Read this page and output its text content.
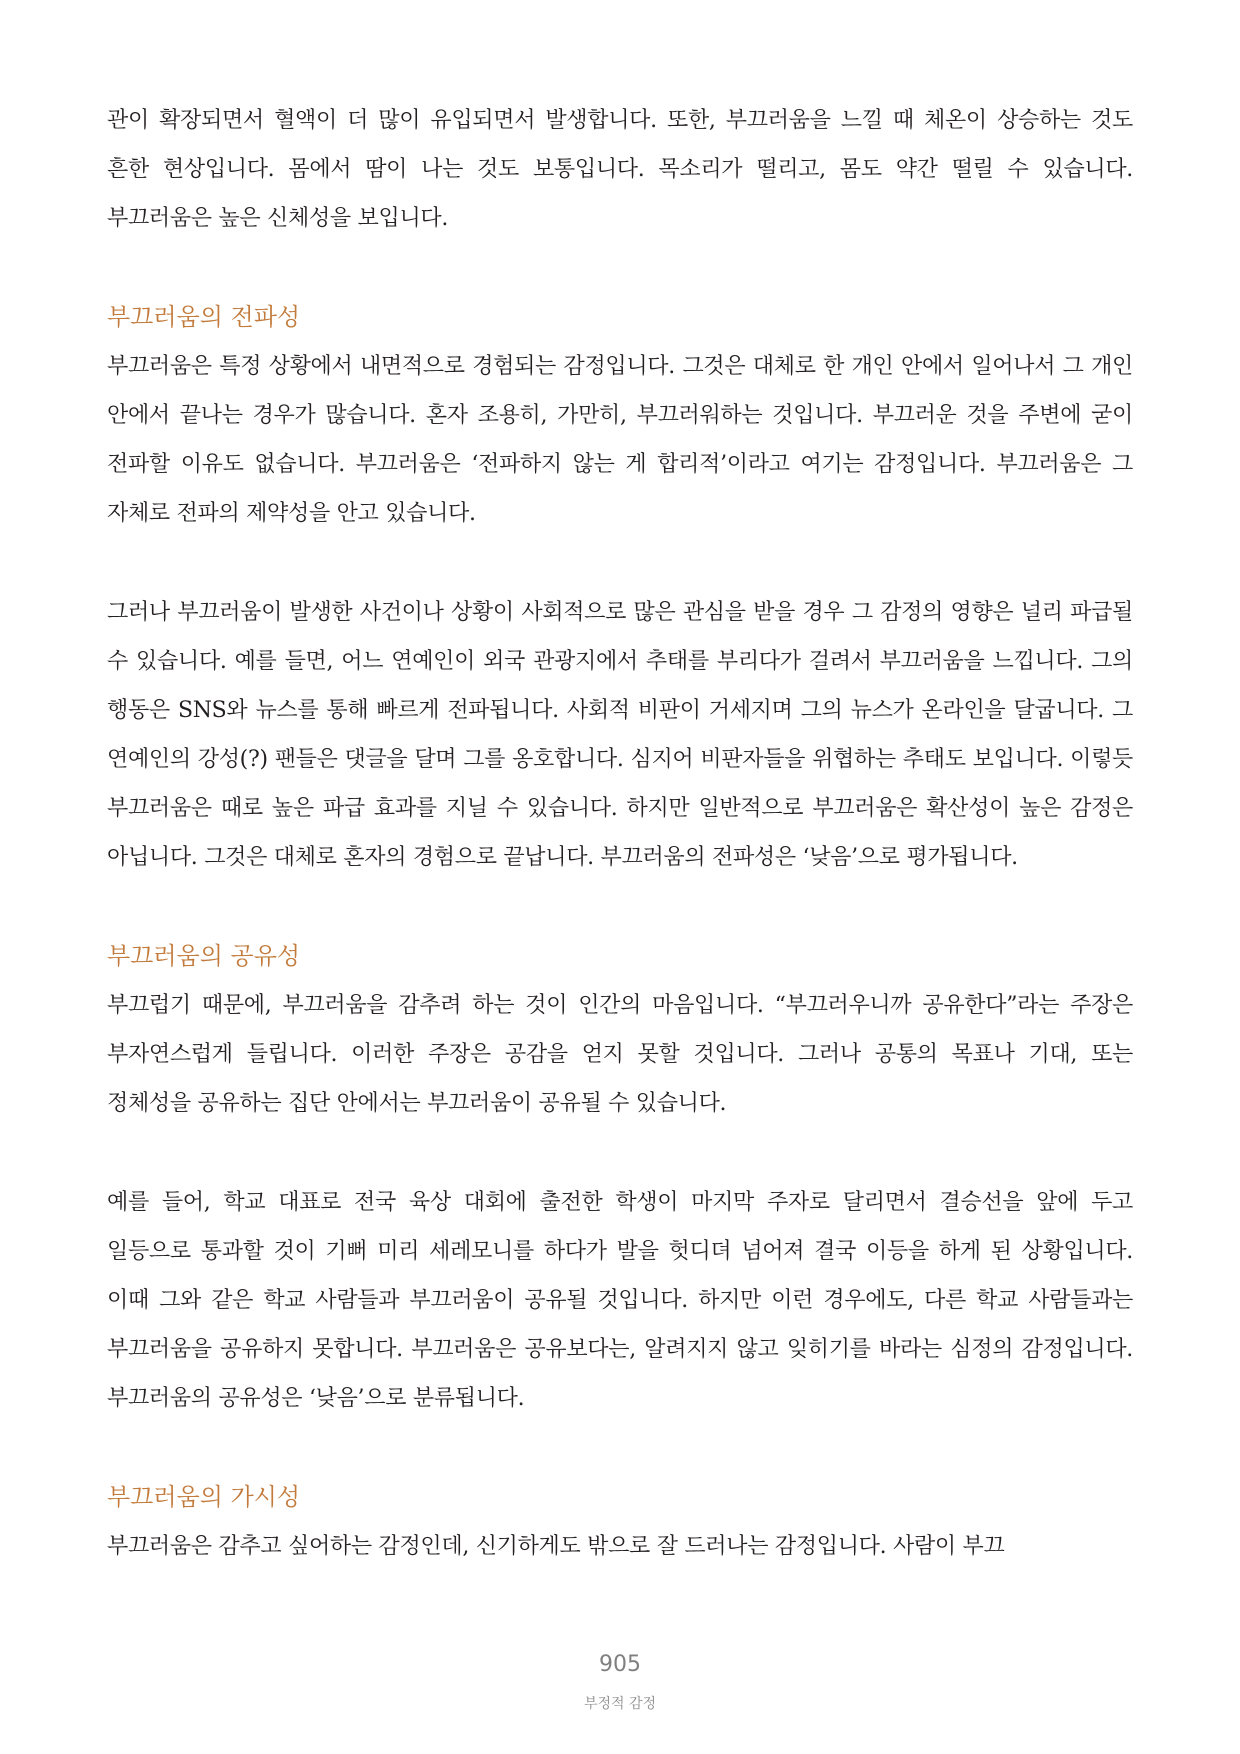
관이 확장되면서 혈액이 더 많이 유입되면서 발생합니다. 또한, 부끄러움을 느낄 때 체온이 상승하는 것도 흔한 현상입니다. 몸에서 땀이 나는 것도 보통입니다. 목소리가 떨리고, 몸도 약간 떨릴 수 있습니다. 부끄러움은 높은 신체성을 보입니다.

부끄러움의 전파성

부끄러움은 특정 상황에서 내면적으로 경험되는 감정입니다. 그것은 대체로 한 개인 안에서 일어나서 그 개인 안에서 끝나는 경우가 많습니다. 혼자 조용히, 가만히, 부끄러워하는 것입니다. 부끄러운 것을 주변에 굳이 전파할 이유도 없습니다. 부끄러움은 ‘전파하지 않는 게 합리적’이라고 여기는 감정입니다. 부끄러움은 그 자체로 전파의 제약성을 안고 있습니다.

그러나 부끄러움이 발생한 사건이나 상황이 사회적으로 많은 관심을 받을 경우 그 감정의 영향은 널리 파급될 수 있습니다. 예를 들면, 어느 연예인이 외국 관광지에서 추태를 부리다가 걸려서 부끄러움을 느낍니다. 그의 행동은 SNS와 뉴스를 통해 빠르게 전파됩니다. 사회적 비판이 거세지며 그의 뉴스가 온라인을 달굽니다. 그 연예인의 강성(?) 팬들은 댓글을 달며 그를 옹호합니다. 심지어 비판자들을 위협하는 추태도 보입니다. 이렇듯 부끄러움은 때로 높은 파급 효과를 지닐 수 있습니다. 하지만 일반적으로 부끄러움은 확산성이 높은 감정은 아닙니다. 그것은 대체로 혼자의 경험으로 끝납니다. 부끄러움의 전파성은 ‘낮음’으로 평가됩니다.

부끄러움의 공유성

부끄럽기 때문에, 부끄러움을 감추려 하는 것이 인간의 마음입니다. “부끄러우니까 공유한다”라는 주장은 부자연스럽게 들립니다. 이러한 주장은 공감을 얻지 못할 것입니다. 그러나 공통의 목표나 기대, 또는 정체성을 공유하는 집단 안에서는 부끄러움이 공유될 수 있습니다.

예를 들어, 학교 대표로 전국 육상 대회에 출전한 학생이 마지막 주자로 달리면서 결승선을 앞에 두고 일등으로 통과할 것이 기뻐 미리 세레모니를 하다가 발을 헛디뎌 넘어져 결국 이등을 하게 된 상황입니다. 이때 그와 같은 학교 사람들과 부끄러움이 공유될 것입니다. 하지만 이런 경우에도, 다른 학교 사람들과는 부끄러움을 공유하지 못합니다. 부끄러움은 공유보다는, 알려지지 않고 잊히기를 바라는 심정의 감정입니다. 부끄러움의 공유성은 ‘낮음’으로 분류됩니다.

부끄러움의 가시성

부끄러움은 감추고 싶어하는 감정인데, 신기하게도 밖으로 잘 드러나는 감정입니다. 사람이 부끄

905
부정적 감정
